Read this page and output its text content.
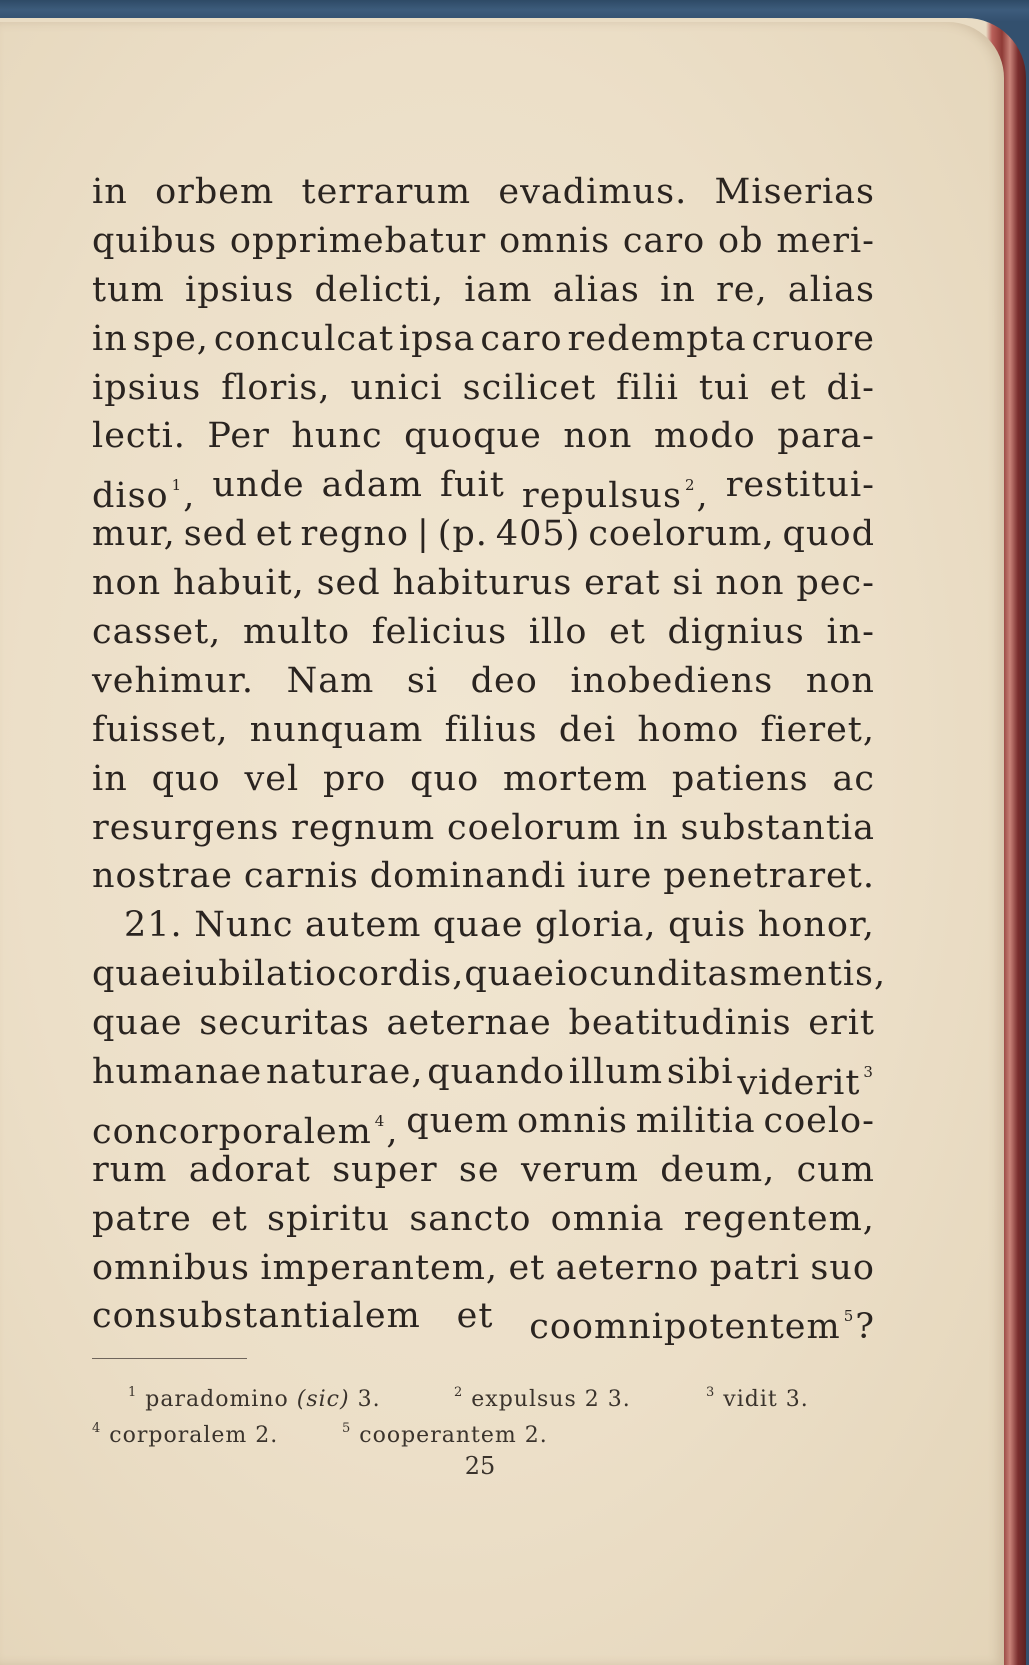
in orbem terrarum evadimus. Miserias
quibus opprimebatur omnis caro ob meri-
tum ipsius delicti, iam alias in re, alias
in spe, conculcat ipsa caro redempta cruore
ipsius floris, unici scilicet filii tui et di-
lecti. Per hunc quoque non modo para-
diso $^1$, unde adam fuit repulsus $^2$, restitui-
mur, sed et regno | (p. 405) coelorum, quod
non habuit, sed habiturus erat si non pec-
casset, multo felicius illo et dignius in-
vehimur. Nam si deo inobediens non
fuisset, nunquam filius dei homo fieret,
in quo vel pro quo mortem patiens ac
resurgens regnum coelorum in substantia
nostrae carnis dominandi iure penetraret.
21. Nunc autem quae gloria, quis honor,
quae iubilatio cordis,quae iocunditas mentis,
quae securitas aeternae beatitudinis erit
humanae naturae, quando illum sibi viderit $^3$
concorporalem $^4$, quem omnis militia coelo-
rum adorat super se verum deum, cum
patre et spiritu sancto omnia regentem,
omnibus imperantem, et aeterno patri suo
consubstantialem et coomnipotentem $^5$?
$^1$ paradomino (sic) 3.	$^2$ expulsus 2 3.	$^3$ vidit 3.
$^4$ corporalem 2.	$^5$ cooperantem 2.
25
